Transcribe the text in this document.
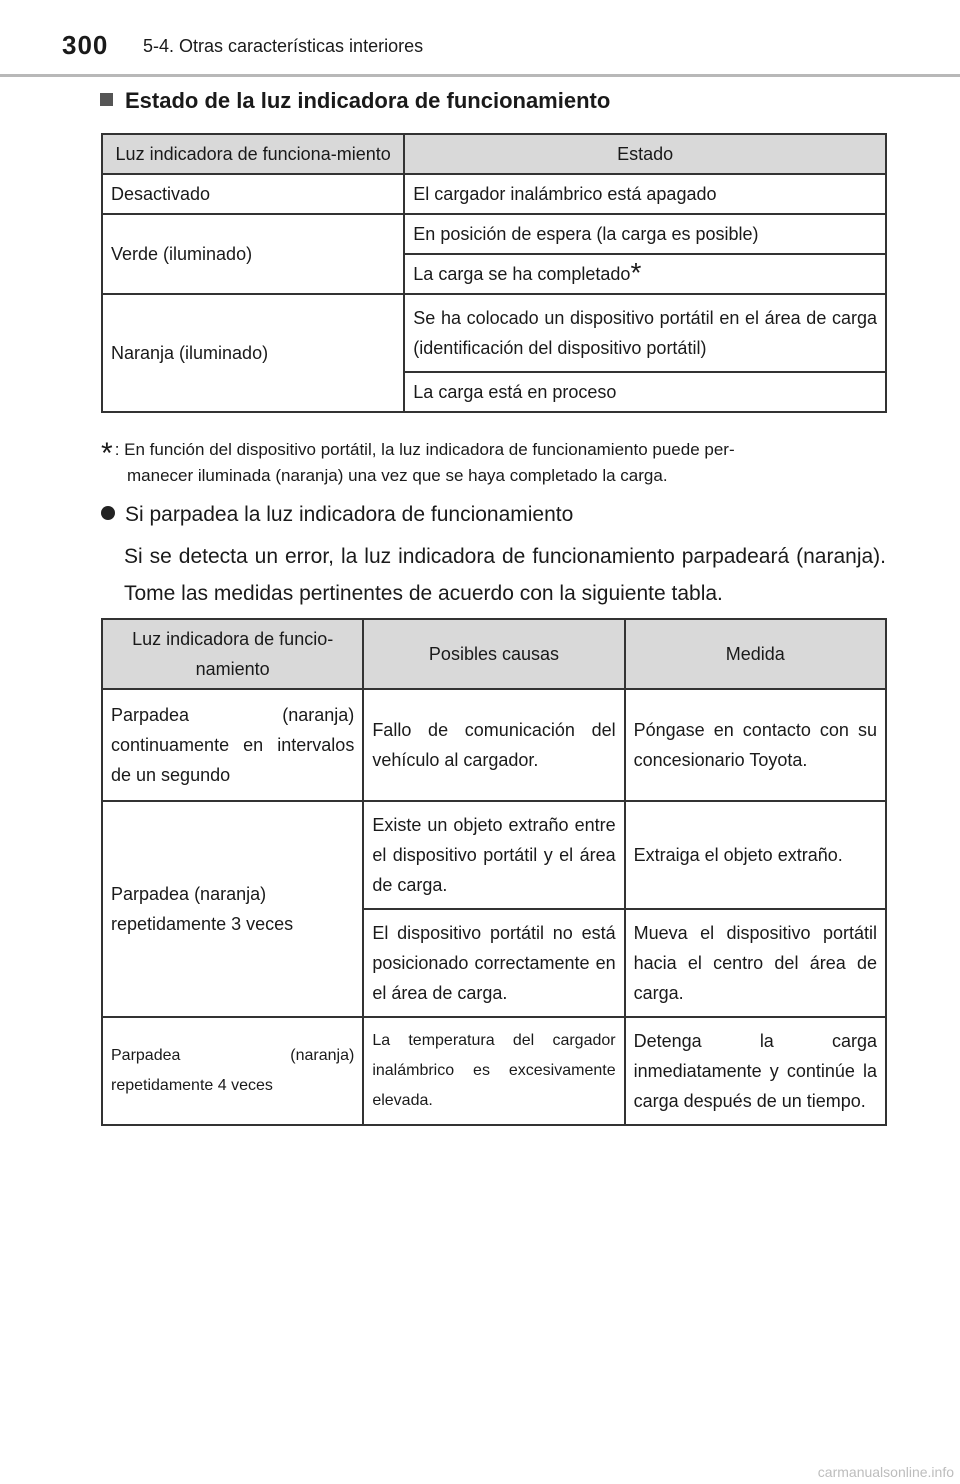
300 5-4. Otras características interiores
Estado de la luz indicadora de funcionamiento
Luz indicadora de funciona-miento	Estado
Desactivado	El cargador inalámbrico está apagado
Verde (iluminado)	En posición de espera (la carga es posible)
	La carga se ha completado*
Naranja (iluminado)	Se ha colocado un dispositivo portátil en el área de carga (identificación del dispositivo portátil)
	La carga está en proceso
* : En función del dispositivo portátil, la luz indicadora de funcionamiento puede per-
manecer iluminada (naranja) una vez que se haya completado la carga.
Si parpadea la luz indicadora de funcionamiento
Si se detecta un error, la luz indicadora de funcionamiento parpadeará (naranja). Tome las medidas pertinentes de acuerdo con la siguiente tabla.
Luz indicadora de funcio-namiento	Posibles causas	Medida
Parpadea (naranja) continuamente en intervalos de un segundo	Fallo de comunicación del vehículo al cargador.	Póngase en contacto con su concesionario Toyota.
Parpadea (naranja) repetidamente 3 veces	Existe un objeto extraño entre el dispositivo portátil y el área de carga.	Extraiga el objeto extraño.
	El dispositivo portátil no está posicionado correctamente en el área de carga.	Mueva el dispositivo portátil hacia el centro del área de carga.
Parpadea (naranja) repetidamente 4 veces	La temperatura del cargador inalámbrico es excesivamente elevada.	Detenga la carga inmediatamente y continúe la carga después de un tiempo.
carmanualsonline.info
